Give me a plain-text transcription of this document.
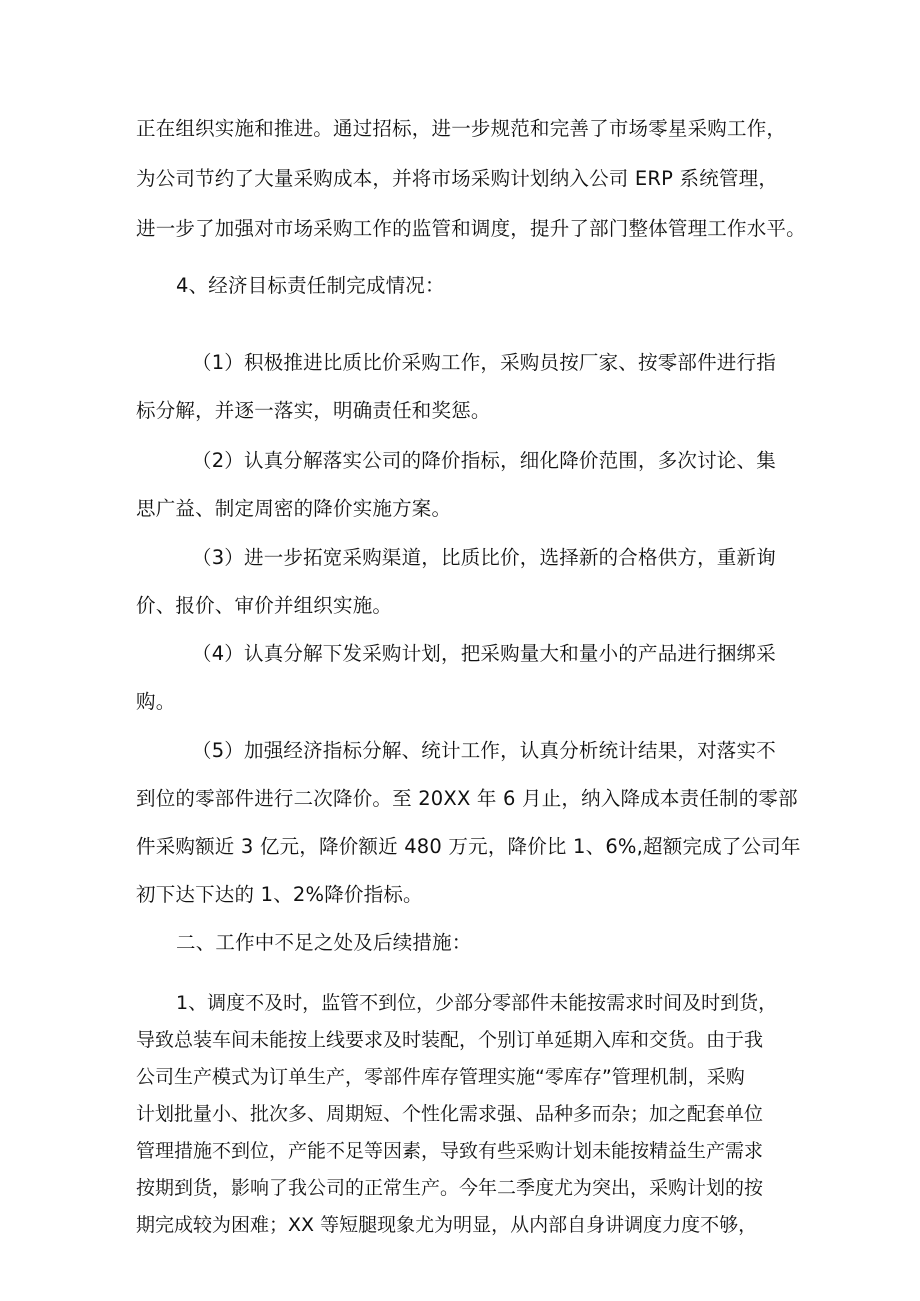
正在组织实施和推进。通过招标，进一步规范和完善了市场零星采购工作，

为公司节约了大量采购成本，并将市场采购计划纳入公司 ERP 系统管理，

进一步了加强对市场采购工作的监管和调度，提升了部门整体管理工作水平。

4、经济目标责任制完成情况：

（1）积极推进比质比价采购工作，采购员按厂家、按零部件进行指

标分解，并逐一落实，明确责任和奖惩。

（2）认真分解落实公司的降价指标，细化降价范围，多次讨论、集

思广益、制定周密的降价实施方案。

（3）进一步拓宽采购渠道，比质比价，选择新的合格供方，重新询

价、报价、审价并组织实施。

（4）认真分解下发采购计划，把采购量大和量小的产品进行捆绑采

购。

（5）加强经济指标分解、统计工作，认真分析统计结果，对落实不

到位的零部件进行二次降价。至 20XX 年 6 月止，纳入降成本责任制的零部

件采购额近 3 亿元，降价额近 480 万元，降价比 1、6%,超额完成了公司年

初下达下达的 1、2%降价指标。

二、工作中不足之处及后续措施：

1、调度不及时，监管不到位，少部分零部件未能按需求时间及时到货，

导致总装车间未能按上线要求及时装配，个别订单延期入库和交货。由于我

公司生产模式为订单生产，零部件库存管理实施“零库存”管理机制，采购

计划批量小、批次多、周期短、个性化需求强、品种多而杂；加之配套单位

管理措施不到位，产能不足等因素，导致有些采购计划未能按精益生产需求

按期到货，影响了我公司的正常生产。今年二季度尤为突出，采购计划的按

期完成较为困难；XX 等短腿现象尤为明显，从内部自身讲调度力度不够，
